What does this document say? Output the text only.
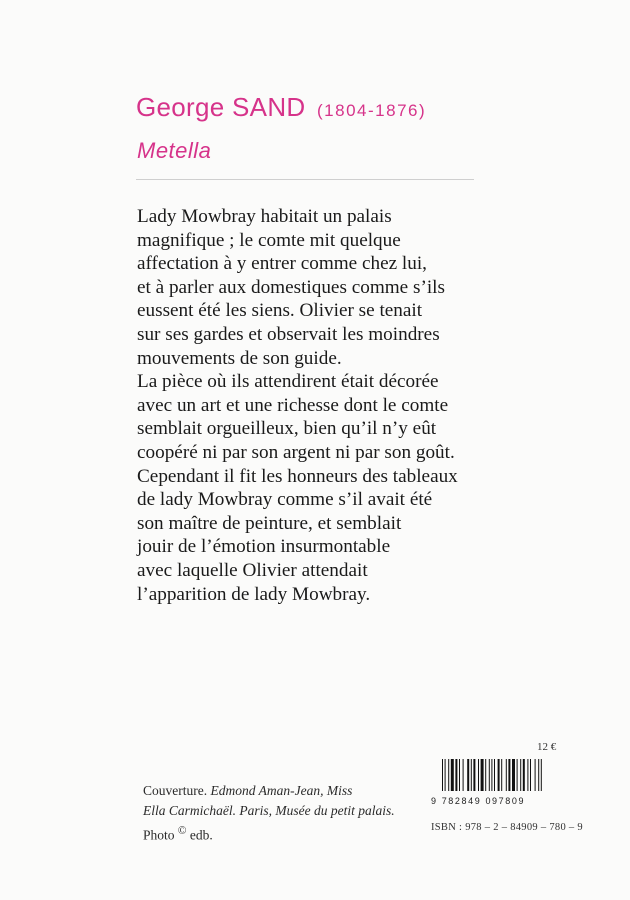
George SAND (1804-1876)
Metella
Lady Mowbray habitait un palais
magnifique ; le comte mit quelque
affectation à y entrer comme chez lui,
et à parler aux domestiques comme s’ils
eussent été les siens. Olivier se tenait
sur ses gardes et observait les moindres
mouvements de son guide.
La pièce où ils attendirent était décorée
avec un art et une richesse dont le comte
semblait orgueilleux, bien qu’il n’y eût
coopéré ni par son argent ni par son goût.
Cependant il fit les honneurs des tableaux
de lady Mowbray comme s’il avait été
son maître de peinture, et semblait
jouir de l’émotion insurmontable
avec laquelle Olivier attendait
l’apparition de lady Mowbray.
12 €
9 782849 097809
ISBN : 978 – 2 – 84909 – 780 – 9
Couverture. Edmond Aman-Jean, Miss
Ella Carmichaël. Paris, Musée du petit palais.
Photo © edb.
